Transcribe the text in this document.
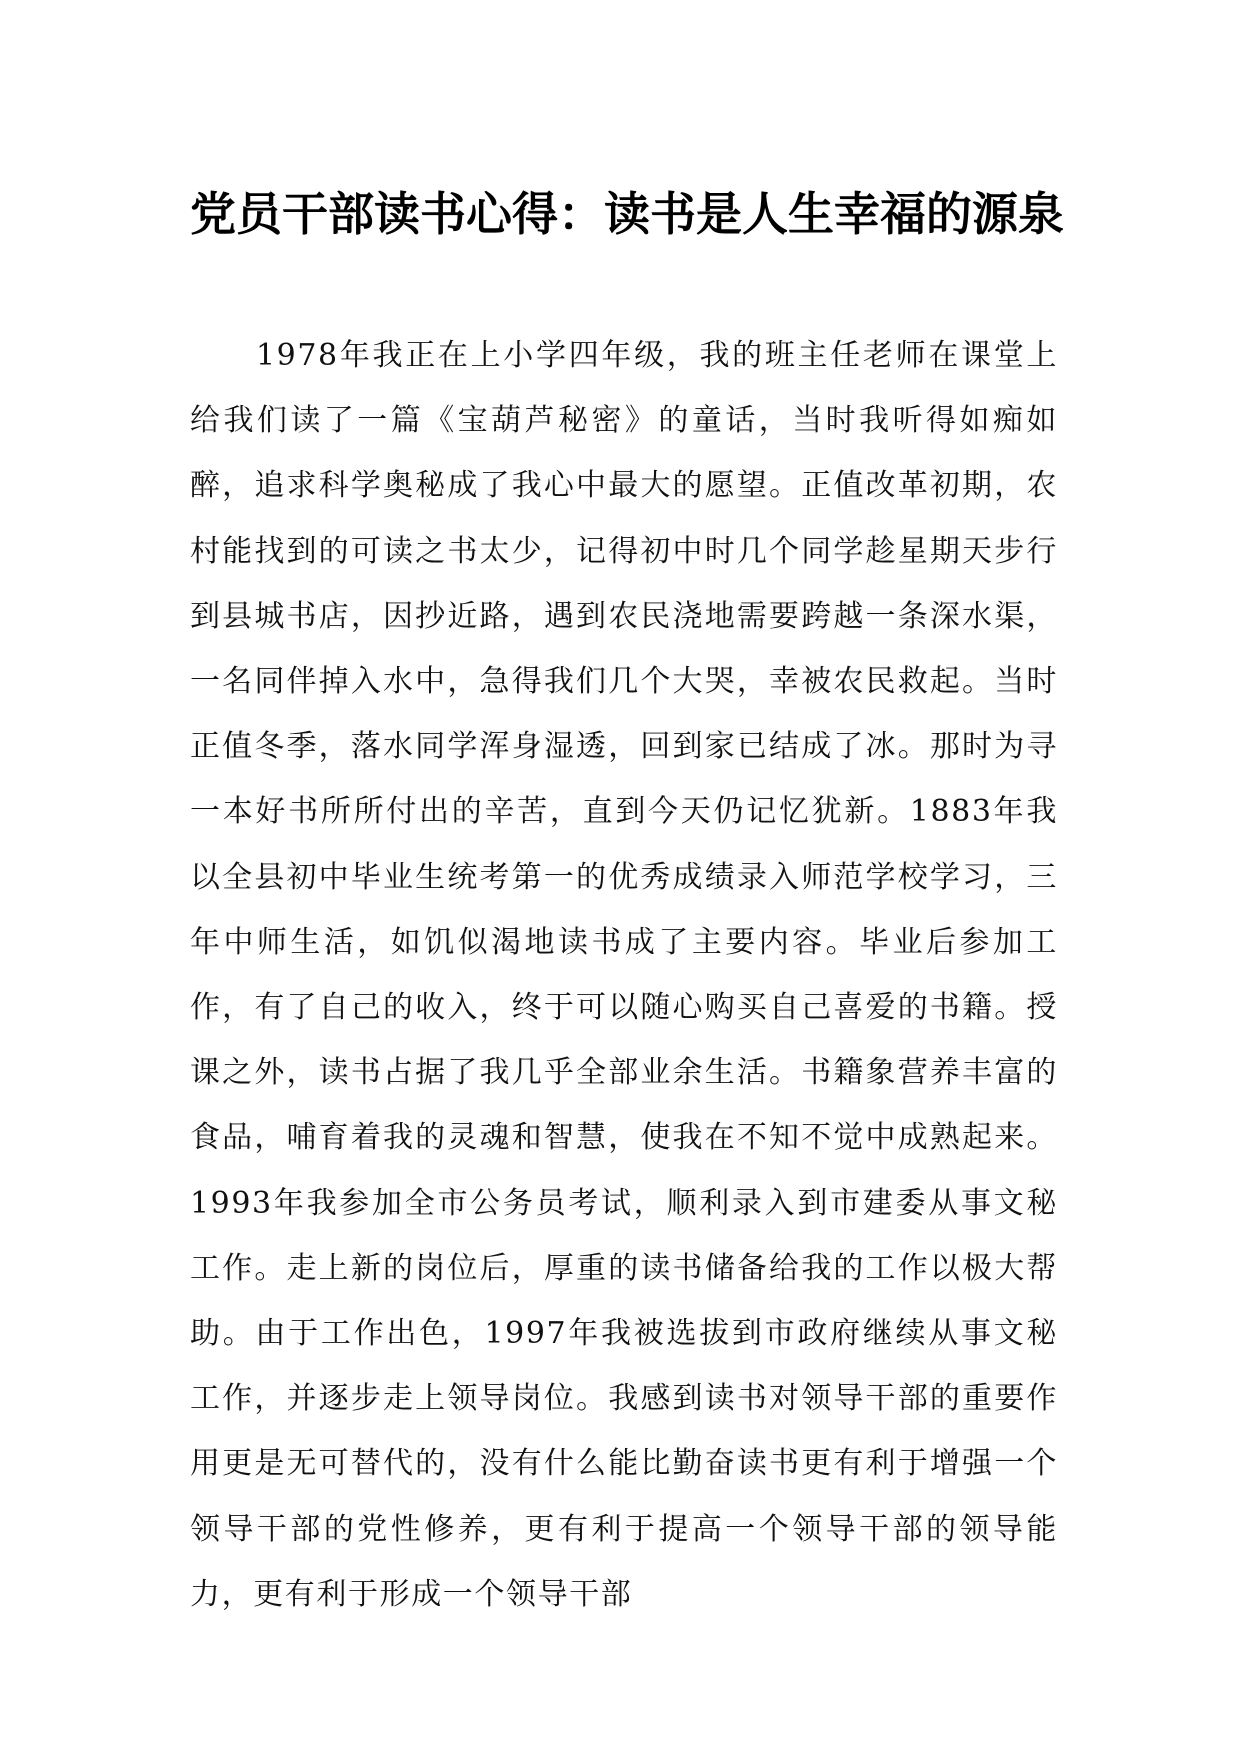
党员干部读书心得：读书是人生幸福的源泉

1978年我正在上小学四年级，我的班主任老师在课堂上给我们读了一篇《宝葫芦秘密》的童话，当时我听得如痴如醉，追求科学奥秘成了我心中最大的愿望。正值改革初期，农村能找到的可读之书太少，记得初中时几个同学趁星期天步行到县城书店，因抄近路，遇到农民浇地需要跨越一条深水渠，一名同伴掉入水中，急得我们几个大哭，幸被农民救起。当时正值冬季，落水同学浑身湿透，回到家已结成了冰。那时为寻一本好书所所付出的辛苦，直到今天仍记忆犹新。1883年我以全县初中毕业生统考第一的优秀成绩录入师范学校学习，三年中师生活，如饥似渴地读书成了主要内容。毕业后参加工作，有了自己的收入，终于可以随心购买自己喜爱的书籍。授课之外，读书占据了我几乎全部业余生活。书籍象营养丰富的食品，哺育着我的灵魂和智慧，使我在不知不觉中成熟起来。1993年我参加全市公务员考试，顺利录入到市建委从事文秘工作。走上新的岗位后，厚重的读书储备给我的工作以极大帮助。由于工作出色，1997年我被选拔到市政府继续从事文秘工作，并逐步走上领导岗位。我感到读书对领导干部的重要作用更是无可替代的，没有什么能比勤奋读书更有利于增强一个领导干部的党性修养，更有利于提高一个领导干部的领导能力，更有利于形成一个领导干部
